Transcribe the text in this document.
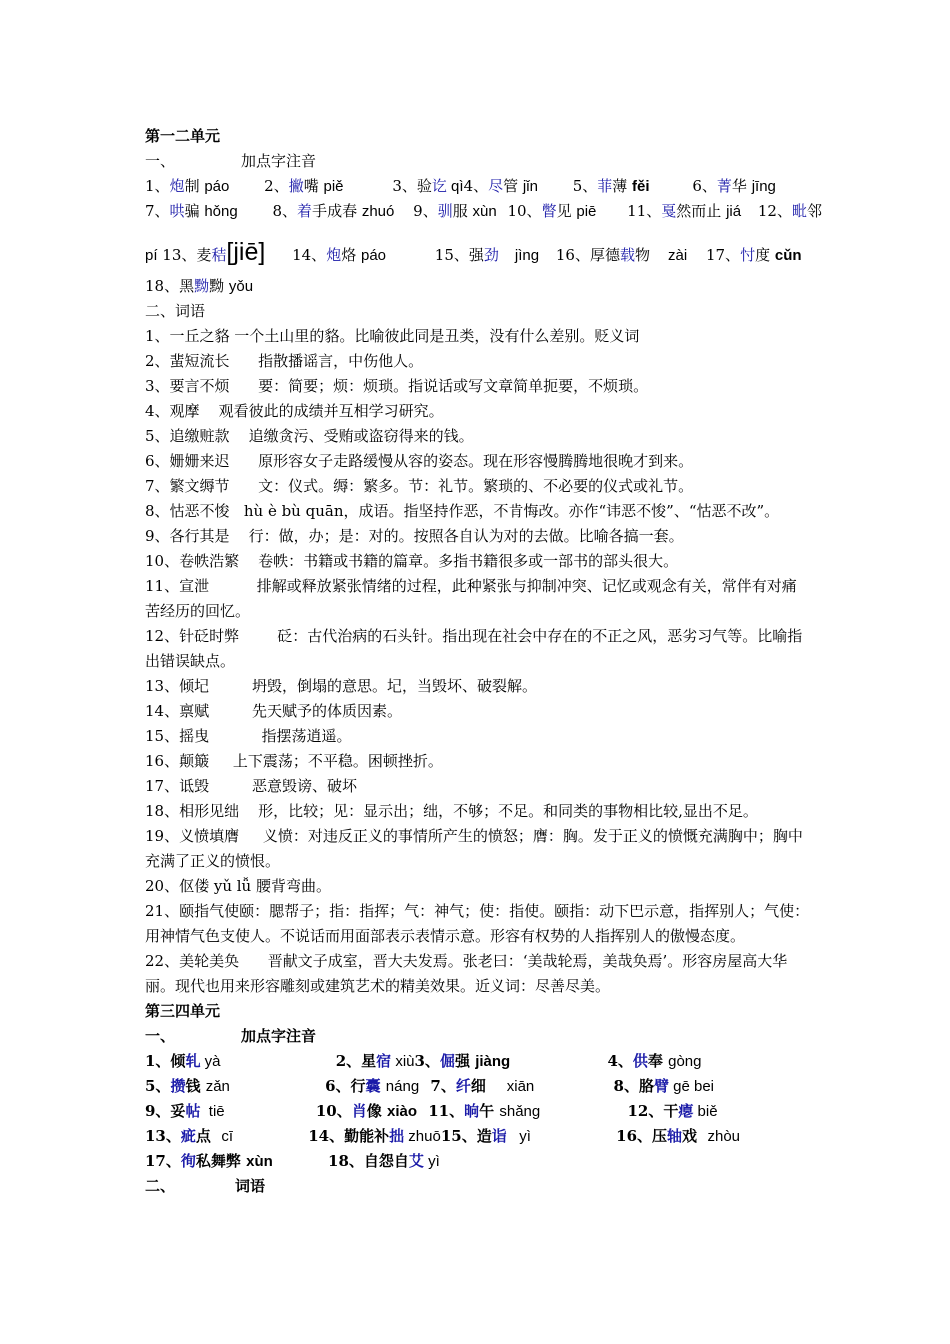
第一二单元
一、	加点字注音
1、炮制 páo 2、撇嘴 piě	3、验讫 qì4、尽管 jǐn 5、菲薄 fěi	6、菁华 jīng
7、哄骗 hǒng 8、着手成春 zhuó 9、驯服 xùn 10、瞥见 piē 11、戛然而止 jiá 12、毗邻
pí 13、麦秸[jiē] 14、炮烙 páo	15、强劲 jìng 16、厚德载物 zài 17、忖度 cǔn
18、黑黝黝 yǒu
二、词语
1、一丘之貉 一个土山里的貉。比喻彼此同是丑类，没有什么差别。贬义词
2、蜚短流长      指散播谣言，中伤他人。
3、要言不烦      要：简要；烦：烦琐。指说话或写文章简单扼要，不烦琐。
4、观摩    观看彼此的成绩并互相学习研究。
5、追缴赃款    追缴贪污、受贿或盗窃得来的钱。
6、姗姗来迟      原形容女子走路缓慢从容的姿态。现在形容慢腾腾地很晚才到来。
7、繁文缛节      文：仪式。缛：繁多。节：礼节。繁琐的、不必要的仪式或礼节。
8、怙恶不悛   hù è bù quān，成语。指坚持作恶，不肯悔改。亦作“讳恶不悛”、“怙恶不改”。
9、各行其是    行：做，办；是：对的。按照各自认为对的去做。比喻各搞一套。
10、卷帙浩繁    卷帙：书籍或书籍的篇章。多指书籍很多或一部书的部头很大。
11、宣泄          排解或释放紧张情绪的过程，此种紧张与抑制冲突、记忆或观念有关，常伴有对痛苦经历的回忆。
12、针砭时弊        砭：古代治病的石头针。指出现在社会中存在的不正之风，恶劣习气等。比喻指出错误缺点。
13、倾圮         坍毁，倒塌的意思。圮，当毁坏、破裂解。
14、禀赋         先天赋予的体质因素。
15、摇曳           指摆荡逍遥。
16、颠簸     上下震荡；不平稳。困顿挫折。
17、诋毁         恶意毁谤、破坏
18、相形见绌    形，比较；见：显示出；绌，不够；不足。和同类的事物相比较,显出不足。
19、义愤填膺     义愤：对违反正义的事情所产生的愤怒；膺：胸。发于正义的愤慨充满胸中；胸中充满了正义的愤恨。
20、伛偻 yǔ lǚ 腰背弯曲。
21、颐指气使颐：腮帮子；指：指挥；气：神气；使：指使。颐指：动下巴示意，指挥别人；气使：用神情气色支使人。不说话而用面部表示表情示意。形容有权势的人指挥别人的傲慢态度。
22、美轮美奂      晋献文子成室，晋大夫发焉。张老曰：‘美哉轮焉，美哉奂焉’。形容房屋高大华丽。现代也用来形容雕刻或建筑艺术的精美效果。近义词：尽善尽美。
第三四单元
一、	加点字注音
1、倾轧 yà	2、星宿 xiù3、倔强 jiàng	4、供奉 gòng
5、攒钱 zǎn	6、行囊 náng 7、纤细    xiān	8、胳臂 gē bei
9、妥帖  tiē	10、肖像 xiào 11、晌午 shǎng	12、干瘪 biě
13、疵点  cī	14、勤能补拙 zhuō15、造诣   yì	16、压轴戏  zhòu
17、徇私舞弊 xùn	18、自怨自艾 yì
二、	词语
